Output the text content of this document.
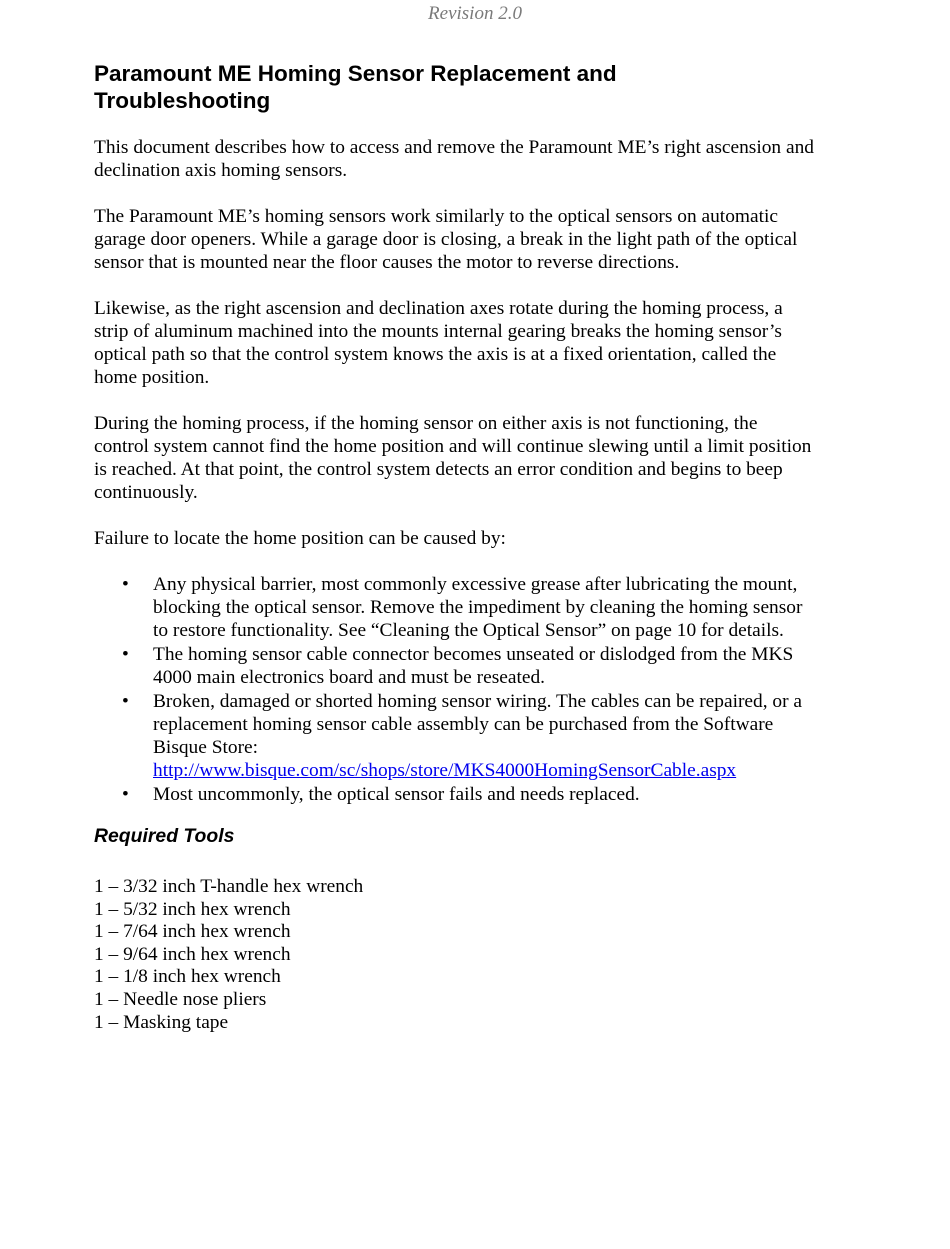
Revision 2.0
Paramount ME Homing Sensor Replacement and
Troubleshooting

This document describes how to access and remove the Paramount ME’s right ascension and declination axis homing sensors.

The Paramount ME’s homing sensors work similarly to the optical sensors on automatic garage door openers. While a garage door is closing, a break in the light path of the optical sensor that is mounted near the floor causes the motor to reverse directions.

Likewise, as the right ascension and declination axes rotate during the homing process, a strip of aluminum machined into the mounts internal gearing breaks the homing sensor’s optical path so that the control system knows the axis is at a fixed orientation, called the home position.

During the homing process, if the homing sensor on either axis is not functioning, the control system cannot find the home position and will continue slewing until a limit position is reached. At that point, the control system detects an error condition and begins to beep continuously.

Failure to locate the home position can be caused by:

• Any physical barrier, most commonly excessive grease after lubricating the mount, blocking the optical sensor. Remove the impediment by cleaning the homing sensor to restore functionality. See “Cleaning the Optical Sensor” on page 10 for details.
• The homing sensor cable connector becomes unseated or dislodged from the MKS 4000 main electronics board and must be reseated.
• Broken, damaged or shorted homing sensor wiring. The cables can be repaired, or a replacement homing sensor cable assembly can be purchased from the Software Bisque Store:
http://www.bisque.com/sc/shops/store/MKS4000HomingSensorCable.aspx
• Most uncommonly, the optical sensor fails and needs replaced.
Required Tools
1 – 3/32 inch T-handle hex wrench
1 – 5/32 inch hex wrench
1 – 7/64 inch hex wrench
1 – 9/64 inch hex wrench
1 – 1/8 inch hex wrench
1 – Needle nose pliers
1 – Masking tape
